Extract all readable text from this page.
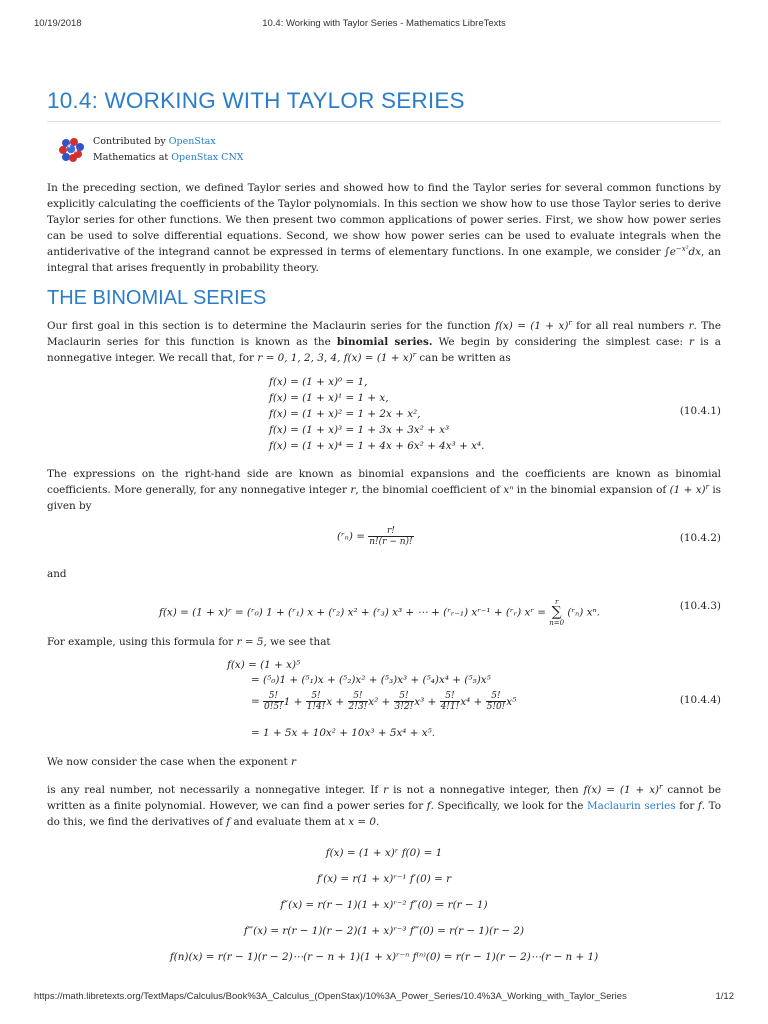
10/19/2018	10.4: Working with Taylor Series - Mathematics LibreTexts
10.4: WORKING WITH TAYLOR SERIES
Contributed by OpenStax
Mathematics at OpenStax CNX

In the preceding section, we defined Taylor series and showed how to find the Taylor series for several common functions by explicitly calculating the coefficients of the Taylor polynomials. In this section we show how to use those Taylor series to derive Taylor series for other functions. We then present two common applications of power series. First, we show how power series can be used to solve differential equations. Second, we show how power series can be used to evaluate integrals when the antiderivative of the integrand cannot be expressed in terms of elementary functions. In one example, we consider $\int e^{-x^2}dx$, an integral that arises frequently in probability theory.

THE BINOMIAL SERIES

Our first goal in this section is to determine the Maclaurin series for the function $f(x) = (1 + x)^r$ for all real numbers r. The Maclaurin series for this function is known as the binomial series. We begin by considering the simplest case: r is a nonnegative integer. We recall that, for r = 0, 1, 2, 3, 4, $f(x) = (1 + x)^r$ can be written as

f(x) = (1 + x)⁰ = 1,
f(x) = (1 + x)¹ = 1 + x,
f(x) = (1 + x)² = 1 + 2x + x²,
f(x) = (1 + x)³ = 1 + 3x + 3x² + x³
f(x) = (1 + x)⁴ = 1 + 4x + 6x² + 4x³ + x⁴.
(10.4.1)

The expressions on the right-hand side are known as binomial expansions and the coefficients are known as binomial coefficients. More generally, for any nonnegative integer r, the binomial coefficient of xⁿ in the binomial expansion of $(1 + x)^r$ is given by

(ʳₙ) = $\frac{r!}{n!(r - n)!}$	(10.4.2)

and

f(x) = (1 + x)ʳ = (ʳ₀) 1 + (ʳ₁) x + (ʳ₂) x² + (ʳ₃) x³ + ⋯ + (ʳᵣ₋₁) xʳ⁻¹ + (ʳᵣ) xʳ =
r
∑
n=0
(ʳₙ) xⁿ.
(10.4.3)

For example, using this formula for r = 5, we see that

f(x) = (1 + x)⁵
= (⁵₀)1 + (⁵₁)x + (⁵₂)x² + (⁵₃)x³ + (⁵₄)x⁴ + (⁵₅)x⁵
= $\frac{5!}{0!5!} 1 + \frac{5!}{1!4!}$ $x + \frac{5!}{2!3!} x^2 + \frac{5!}{3!2!} x^3 + \frac{5!}{4!1!} x^4 + \frac{5!}{5!0!} x^5$
= 1 + 5x + 10x² + 10x³ + 5x⁴ + x⁵.
(10.4.4)

We now consider the case when the exponent r

is any real number, not necessarily a nonnegative integer. If r is not a nonnegative integer, then $f(x) = (1 + x)^r$ cannot be written as a finite polynomial. However, we can find a power series for f. Specifically, we look for the Maclaurin series for f. To do this, we find the derivatives of f and evaluate them at x = 0.

f(x) = (1 + x)ʳ f(0) = 1
f′(x) = r(1 + x)ʳ⁻¹ f′(0) = r
f″(x) = r(r − 1)(1 + x)ʳ⁻² f″(0) = r(r − 1)
f‴(x) = r(r − 1)(r − 2)(1 + x)ʳ⁻³ f‴(0) = r(r − 1)(r − 2)
f(n)(x) = r(r − 1)(r − 2)⋯(r − n + 1)(1 + x)ʳ⁻ⁿ f⁽ⁿ⁾(0) = r(r − 1)(r − 2)⋯(r − n + 1)
https://math.libretexts.org/TextMaps/Calculus/Book%3A_Calculus_(OpenStax)/10%3A_Power_Series/10.4%3A_Working_with_Taylor_Series	1/12
